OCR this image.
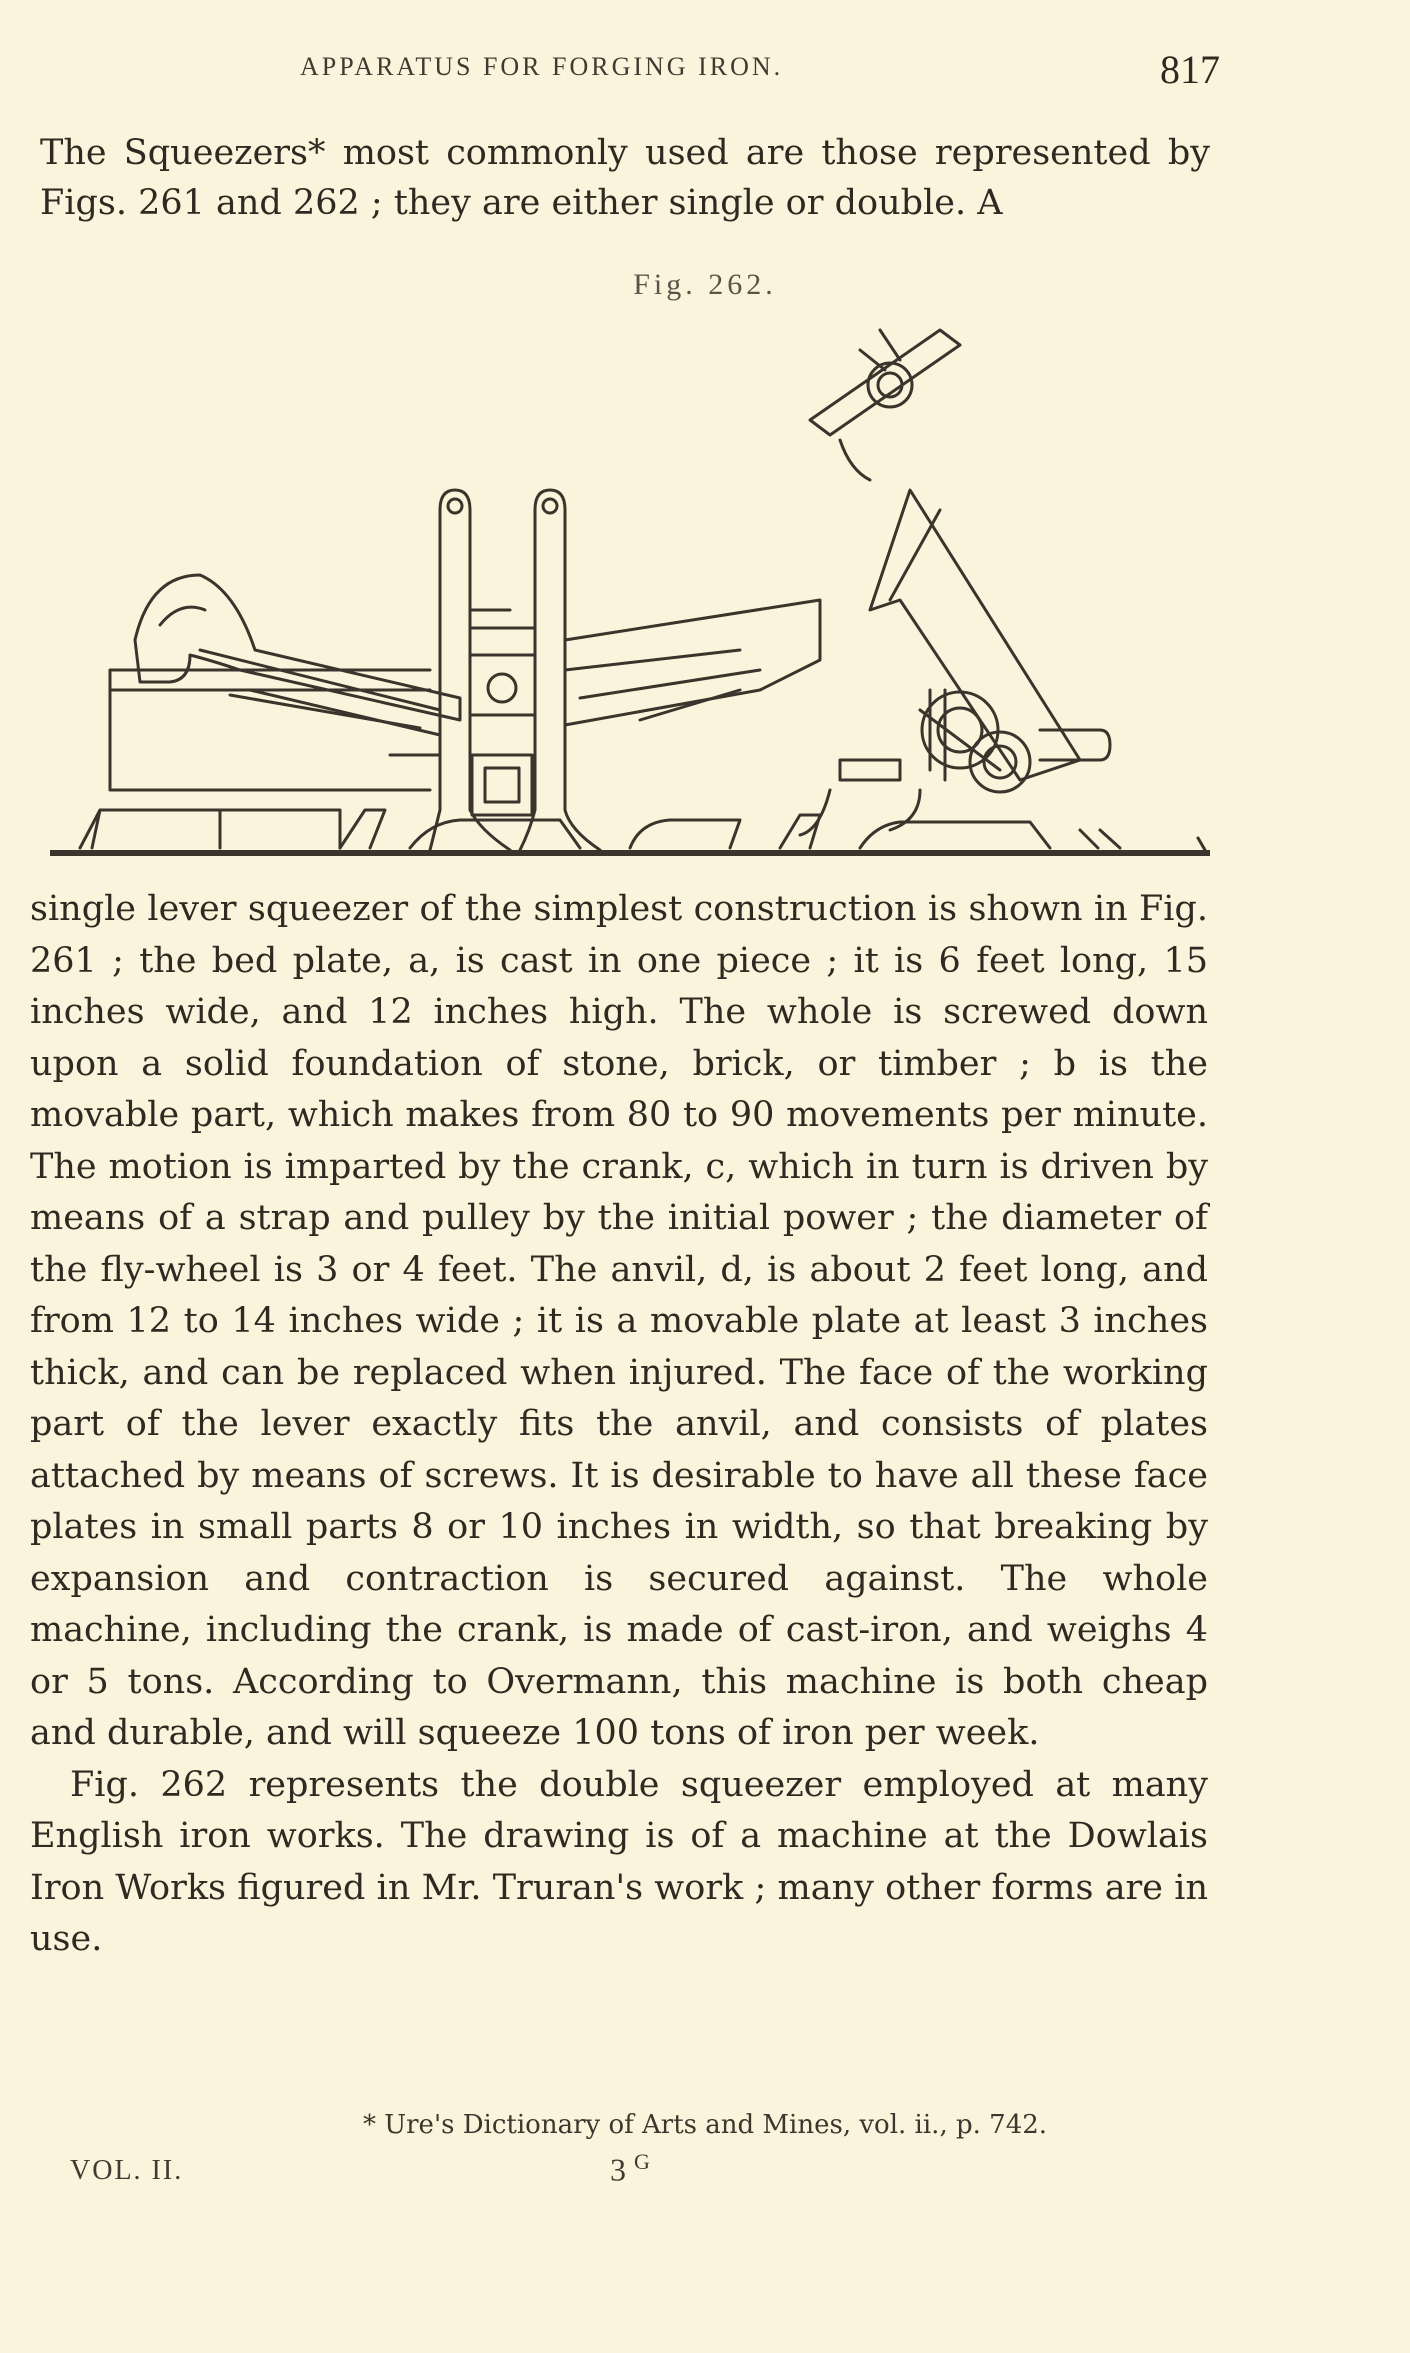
APPARATUS FOR FORGING IRON.	817

The Squeezers* most commonly used are those represented by Figs. 261 and 262 ; they are either single or double. A

Fig. 262.

single lever squeezer of the simplest construction is shown in Fig. 261 ; the bed plate, a, is cast in one piece ; it is 6 feet long, 15 inches wide, and 12 inches high. The whole is screwed down upon a solid foundation of stone, brick, or timber ; b is the movable part, which makes from 80 to 90 movements per minute. The motion is imparted by the crank, c, which in turn is driven by means of a strap and pulley by the initial power ; the diameter of the fly-wheel is 3 or 4 feet. The anvil, d, is about 2 feet long, and from 12 to 14 inches wide ; it is a movable plate at least 3 inches thick, and can be replaced when injured. The face of the working part of the lever exactly fits the anvil, and consists of plates attached by means of screws. It is desirable to have all these face plates in small parts 8 or 10 inches in width, so that breaking by expansion and contraction is secured against. The whole machine, including the crank, is made of cast-iron, and weighs 4 or 5 tons. According to Overmann, this machine is both cheap and durable, and will squeeze 100 tons of iron per week.

Fig. 262 represents the double squeezer employed at many English iron works. The drawing is of a machine at the Dowlais Iron Works figured in Mr. Truran's work ; many other forms are in use.

* Ure's Dictionary of Arts and Mines, vol. ii., p. 742.
VOL. II.	3 $^G$
